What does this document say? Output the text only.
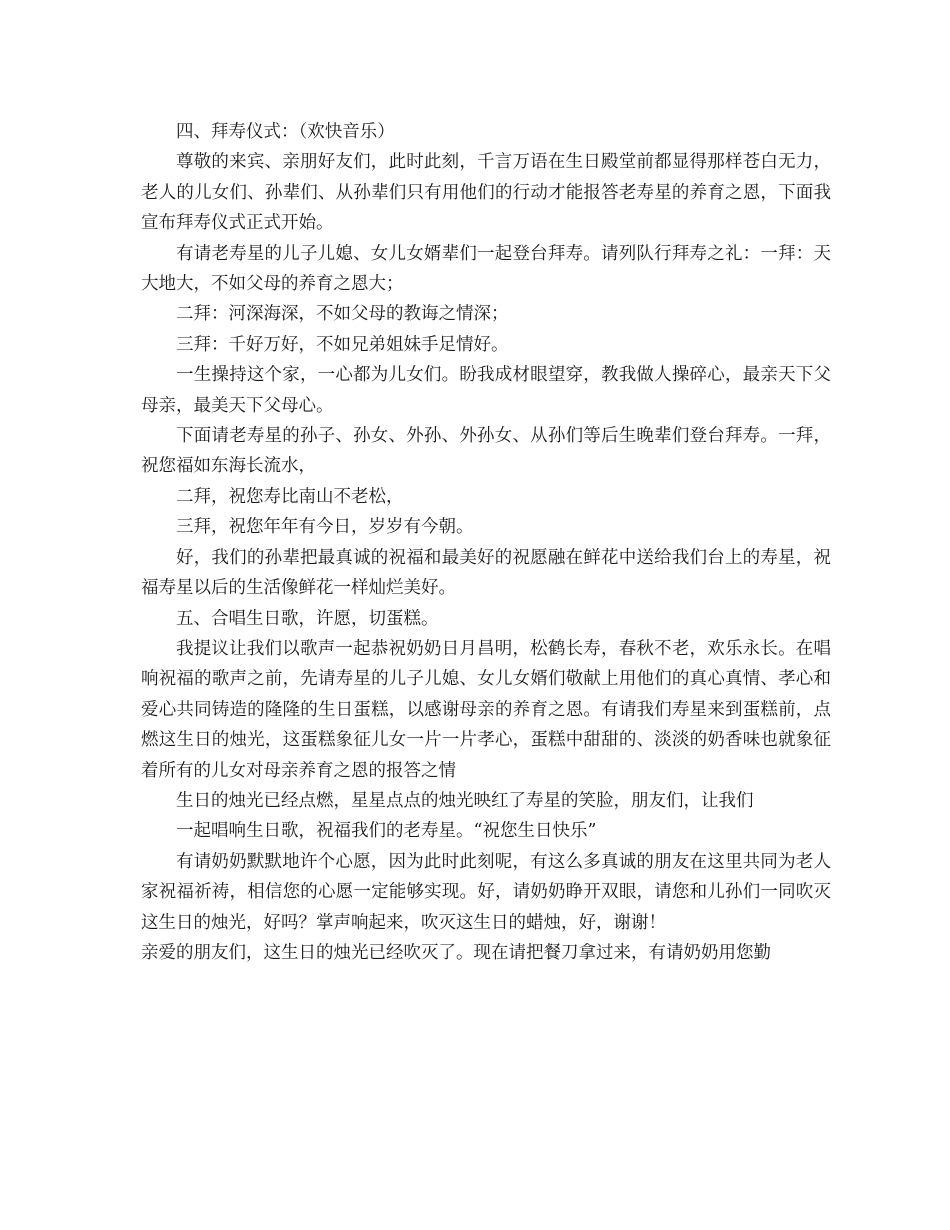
四、拜寿仪式：（欢快音乐）

尊敬的来宾、亲朋好友们，此时此刻，千言万语在生日殿堂前都显得那样苍白无力，老人的儿女们、孙辈们、从孙辈们只有用他们的行动才能报答老寿星的养育之恩，下面我宣布拜寿仪式正式开始。

有请老寿星的儿子儿媳、女儿女婿辈们一起登台拜寿。请列队行拜寿之礼：一拜：天大地大，不如父母的养育之恩大；

二拜：河深海深，不如父母的教诲之情深；

三拜：千好万好，不如兄弟姐妹手足情好。

一生操持这个家，一心都为儿女们。盼我成材眼望穿，教我做人操碎心，最亲天下父母亲，最美天下父母心。

下面请老寿星的孙子、孙女、外孙、外孙女、从孙们等后生晚辈们登台拜寿。一拜，祝您福如东海长流水，

二拜，祝您寿比南山不老松，

三拜，祝您年年有今日，岁岁有今朝。

好，我们的孙辈把最真诚的祝福和最美好的祝愿融在鲜花中送给我们台上的寿星，祝福寿星以后的生活像鲜花一样灿烂美好。

五、合唱生日歌，许愿，切蛋糕。

我提议让我们以歌声一起恭祝奶奶日月昌明，松鹤长寿，春秋不老，欢乐永长。在唱响祝福的歌声之前，先请寿星的儿子儿媳、女儿女婿们敬献上用他们的真心真情、孝心和爱心共同铸造的隆隆的生日蛋糕，以感谢母亲的养育之恩。有请我们寿星来到蛋糕前，点燃这生日的烛光，这蛋糕象征儿女一片一片孝心，蛋糕中甜甜的、淡淡的奶香味也就象征着所有的儿女对母亲养育之恩的报答之情

生日的烛光已经点燃，星星点点的烛光映红了寿星的笑脸，朋友们，让我们

一起唱响生日歌，祝福我们的老寿星。“祝您生日快乐”

有请奶奶默默地许个心愿，因为此时此刻呢，有这么多真诚的朋友在这里共同为老人家祝福祈祷，相信您的心愿一定能够实现。好，请奶奶睁开双眼，请您和儿孙们一同吹灭这生日的烛光，好吗？掌声响起来，吹灭这生日的蜡烛，好，谢谢！

亲爱的朋友们，这生日的烛光已经吹灭了。现在请把餐刀拿过来，有请奶奶用您勤
